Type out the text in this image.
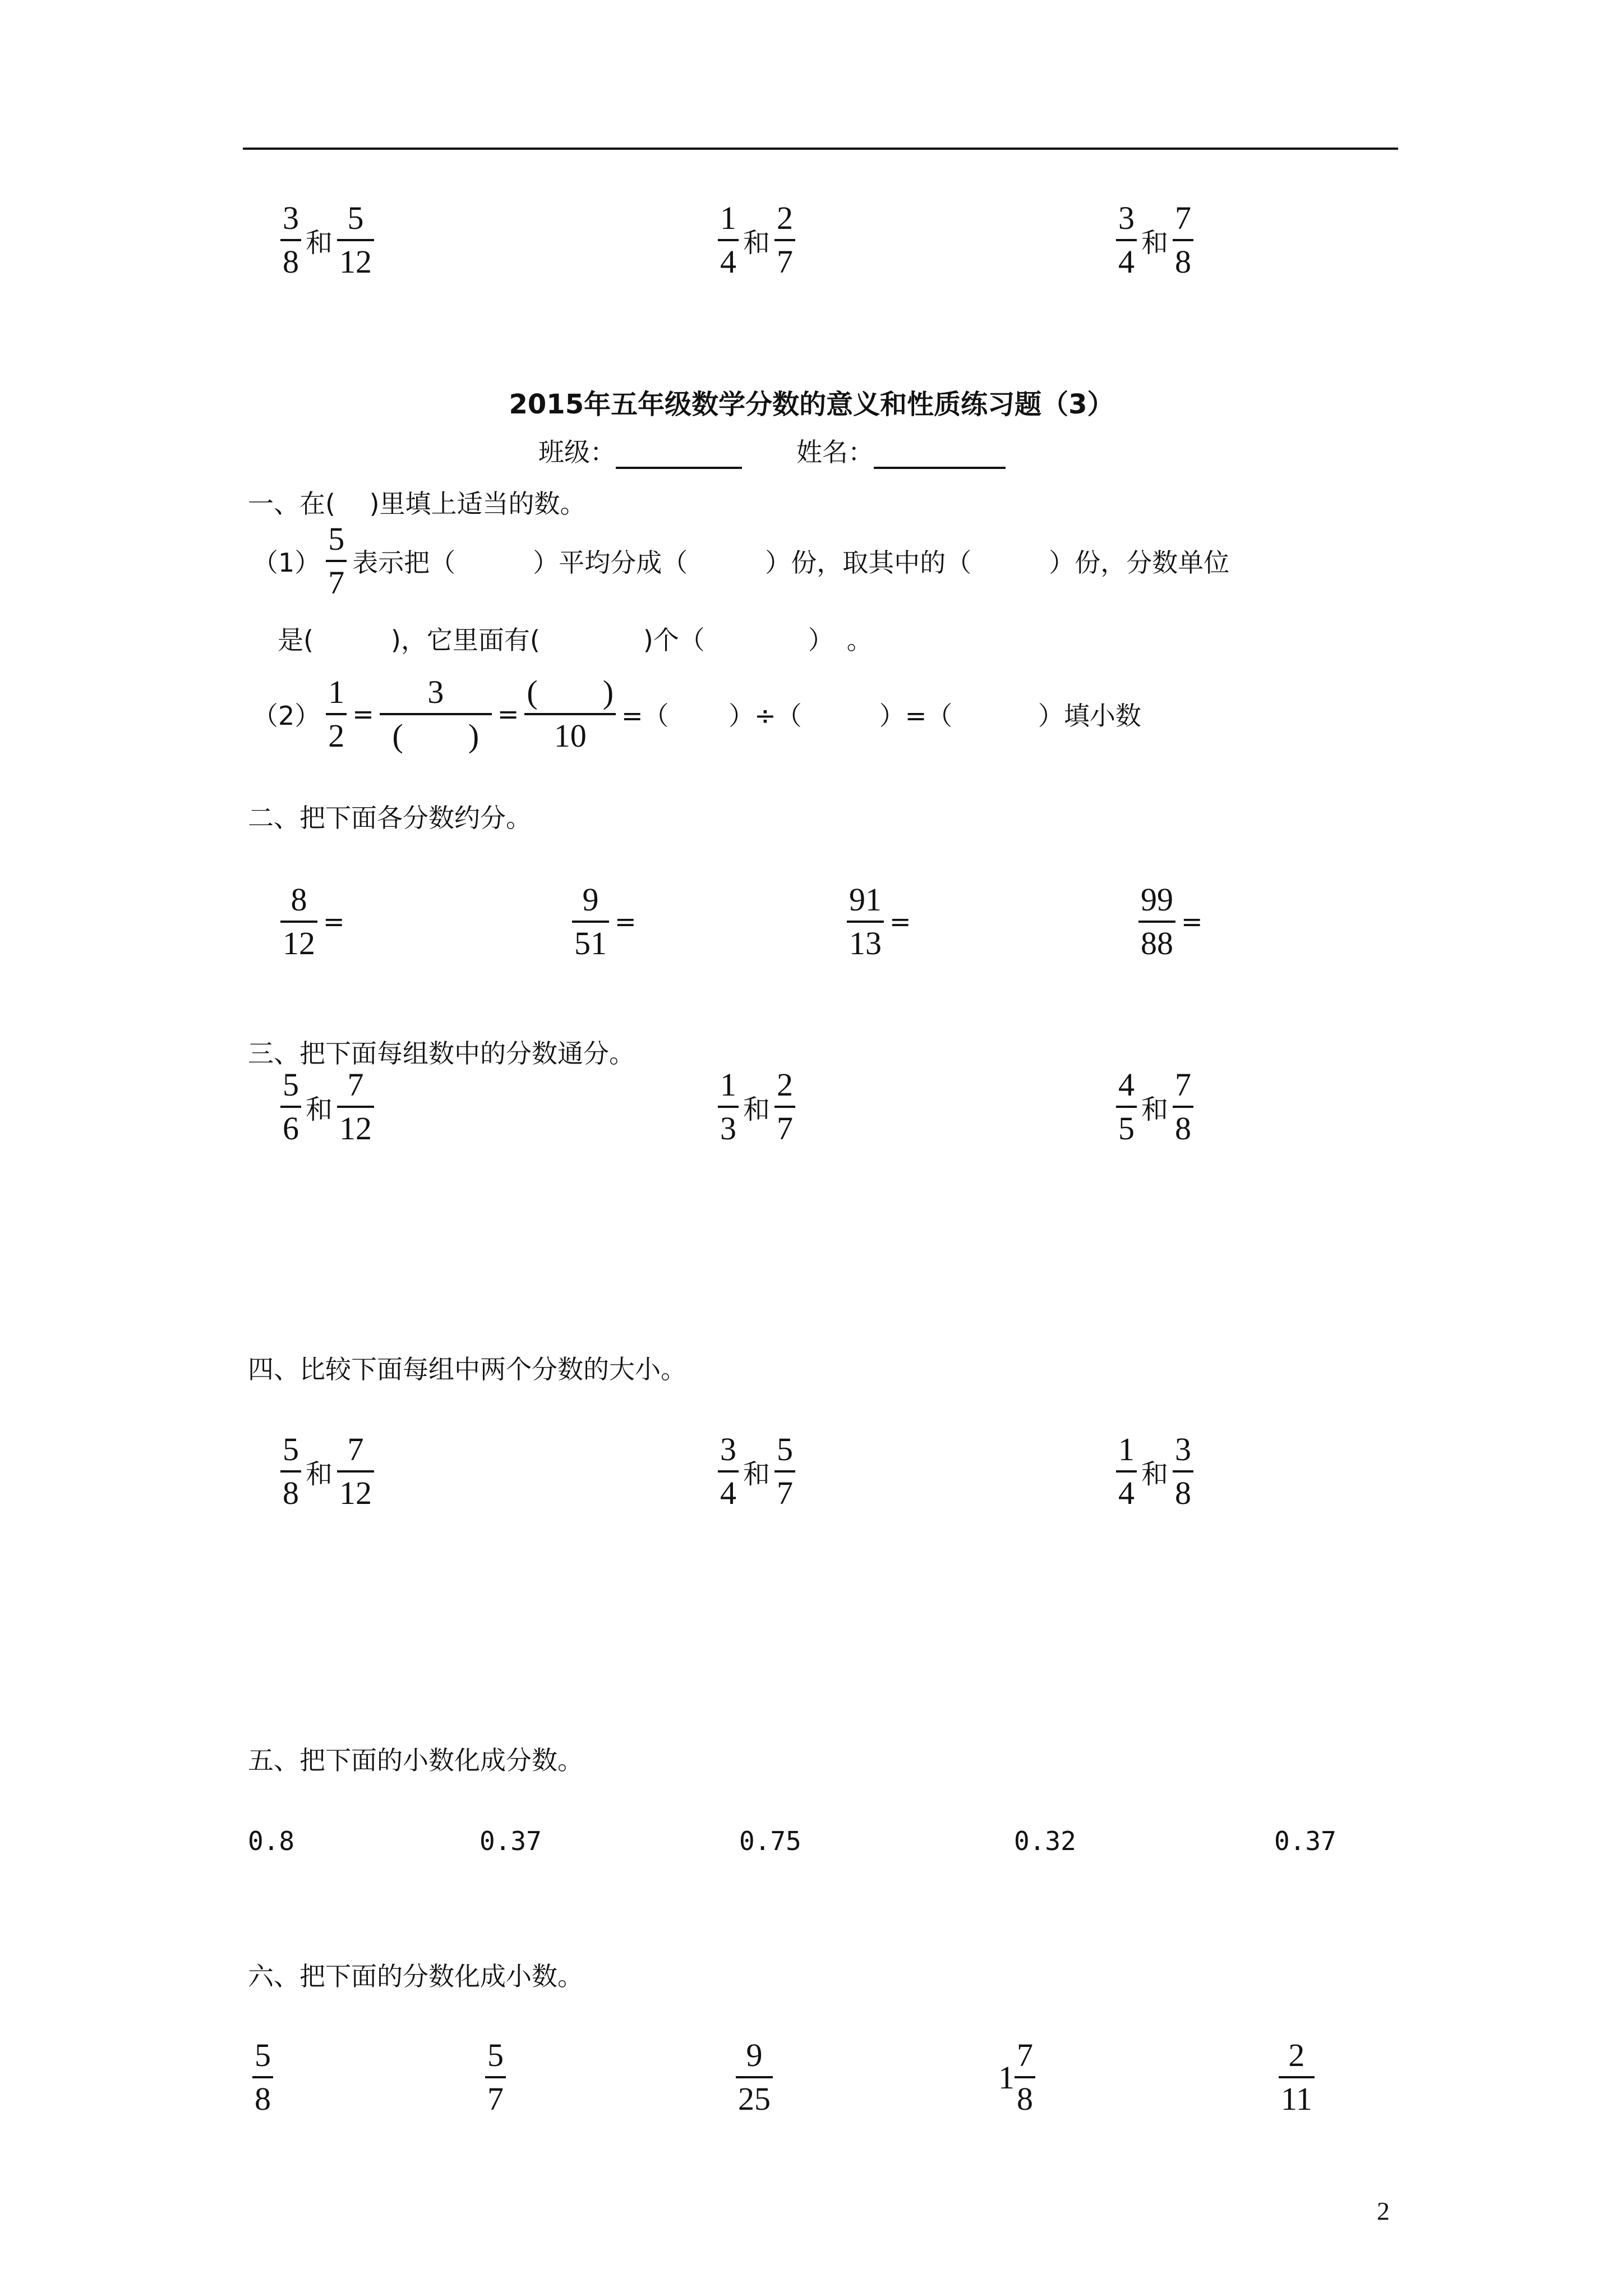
$\frac{3}{8}$ 和 $\frac{5}{12}$	$\frac{1}{4}$ 和 $\frac{2}{7}$	$\frac{3}{4}$ 和 $\frac{7}{8}$
2015年五年级数学分数的意义和性质练习题（3）
班级：	姓名：
一、在(　 )里填上适当的数。
$(1) \frac{5}{7}$ 表示把（　　　）平均分成（　　　）份，取其中的（　　　）份，分数单位
是(　　　)，它里面有(　　　　)个（　　　　）　。
$(2) \frac{1}{2} = \frac{3}{( )} = \frac{( )}{10}$ =（　　 ）÷（　　　）=（　　　 ）填小数
二、把下面各分数约分。
$\frac{8}{12}$ =	$\frac{9}{51}$ =	$\frac{91}{13}$ =	$\frac{99}{88}$ =
三、把下面每组数中的分数通分。
$\frac{5}{6}$ 和 $\frac{7}{12}$	$\frac{1}{3}$ 和 $\frac{2}{7}$	$\frac{4}{5}$ 和 $\frac{7}{8}$
四、比较下面每组中两个分数的大小。
$\frac{5}{8}$ 和 $\frac{7}{12}$	$\frac{3}{4}$ 和 $\frac{5}{7}$	$\frac{1}{4}$ 和 $\frac{3}{8}$
五、把下面的小数化成分数。
0.8	0.37	0.75	0.32	0.37
六、把下面的分数化成小数。
$\frac{5}{8}$	$\frac{5}{7}$	$\frac{9}{25}$	$1 \frac{7}{8}$	$\frac{2}{11}$
2
